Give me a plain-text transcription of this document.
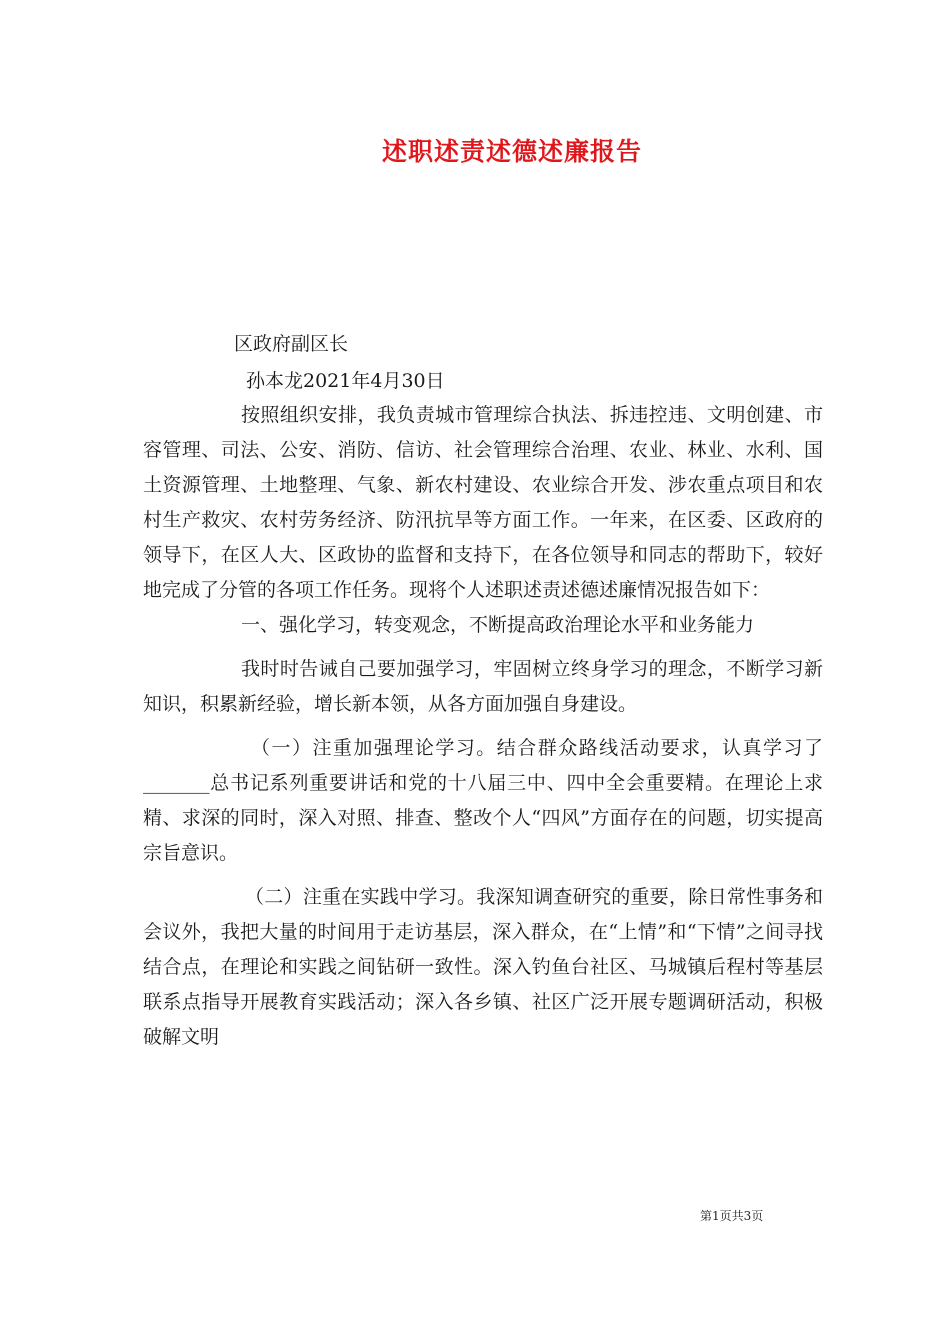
述职述责述德述廉报告
区政府副区长
孙本龙2021年4月30日

按照组织安排，我负责城市管理综合执法、拆违控违、文明创建、市容管理、司法、公安、消防、信访、社会管理综合治理、农业、林业、水利、国土资源管理、土地整理、气象、新农村建设、农业综合开发、涉农重点项目和农村生产救灾、农村劳务经济、防汛抗旱等方面工作。一年来，在区委、区政府的领导下，在区人大、区政协的监督和支持下，在各位领导和同志的帮助下，较好地完成了分管的各项工作任务。现将个人述职述责述德述廉情况报告如下：

一、强化学习，转变观念，不断提高政治理论水平和业务能力

我时时告诫自己要加强学习，牢固树立终身学习的理念，不断学习新知识，积累新经验，增长新本领，从各方面加强自身建设。

（一）注重加强理论学习。结合群众路线活动要求，认真学习了_______总书记系列重要讲话和党的十八届三中、四中全会重要精。在理论上求精、求深的同时，深入对照、排查、整改个人“四风”方面存在的问题，切实提高宗旨意识。

（二）注重在实践中学习。我深知调查研究的重要，除日常性事务和会议外，我把大量的时间用于走访基层，深入群众，在“上情”和“下情”之间寻找结合点，在理论和实践之间钻研一致性。深入钓鱼台社区、马城镇后程村等基层联系点指导开展教育实践活动；深入各乡镇、社区广泛开展专题调研活动，积极破解文明

第1页共3页
